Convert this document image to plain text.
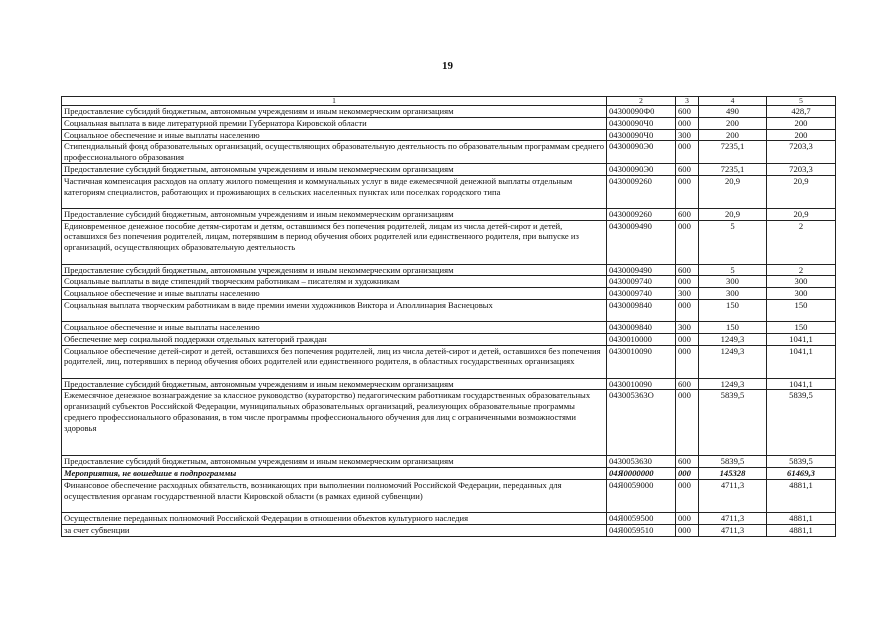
19
1	2	3	4	5
Предоставление субсидий бюджетным, автономным учреждениям и иным некоммерческим организациям	04300090Ф0	600	490	428,7
Социальная выплата в виде литературной премии Губернатора Кировской области	04300090Ч0	000	200	200
Социальное обеспечение и иные выплаты населению	04300090Ч0	300	200	200
Стипендиальный фонд образовательных организаций, осуществляющих образовательную деятельность по образовательным программам среднего профессионального образования	04300090Э0	000	7235,1	7203,3
Предоставление субсидий бюджетным, автономным учреждениям и иным некоммерческим организациям	04300090Э0	600	7235,1	7203,3
Частичная компенсация расходов на оплату жилого помещения и коммунальных услуг в виде ежемесячной денежной выплаты отдельным категориям специалистов, работающих и проживающих в сельских населенных пунктах или поселках городского типа	0430009260	000	20,9	20,9
Предоставление субсидий бюджетным, автономным учреждениям и иным некоммерческим организациям	0430009260	600	20,9	20,9
Единовременное денежное пособие детям-сиротам и детям, оставшимся без попечения родителей, лицам из числа детей-сирот и детей, оставшихся без попечения родителей, лицам, потерявшим в период обучения обоих родителей или единственного родителя, при выпуске из организаций, осуществляющих образовательную деятельность	0430009490	000	5	2
Предоставление субсидий бюджетным, автономным учреждениям и иным некоммерческим организациям	0430009490	600	5	2
Социальные выплаты в виде стипендий творческим работникам – писателям и художникам	0430009740	000	300	300
Социальное обеспечение и иные выплаты населению	0430009740	300	300	300
Социальная выплата творческим работникам в виде премии имени художников Виктора и Аполлинария Васнецовых	0430009840	000	150	150
Социальное обеспечение и иные выплаты населению	0430009840	300	150	150
Обеспечение мер социальной поддержки отдельных категорий граждан	0430010000	000	1249,3	1041,1
Социальное обеспечение детей-сирот и детей, оставшихся без попечения родителей, лиц из числа детей-сирот и детей, оставшихся без попечения родителей, лиц, потерявших в период обучения обоих родителей или единственного родителя, в областных государственных организациях	0430010090	000	1249,3	1041,1
Предоставление субсидий бюджетным, автономным учреждениям и иным некоммерческим организациям	0430010090	600	1249,3	1041,1
Ежемесячное денежное вознаграждение за классное руководство (кураторство) педагогическим работникам государственных образовательных организаций субъектов Российской Федерации, муниципальных образовательных организаций, реализующих образовательные программы среднего профессионального образования, в том числе программы профессионального обучения для лиц с ограниченными возможностями здоровья	043005363О	000	5839,5	5839,5
Предоставление субсидий бюджетным, автономным учреждениям и иным некоммерческим организациям	0430053630	600	5839,5	5839,5
Мероприятия, не вошедшие в подпрограммы	04Я0000000	000	145328	61469,3
Финансовое обеспечение расходных обязательств, возникающих при выполнении полномочий Российской Федерации, переданных для осуществления органам государственной власти Кировской области (в рамках единой субвенции)	04Я0059000	000	4711,3	4881,1
Осуществление переданных полномочий Российской Федерации в отношении объектов культурного наследия	04Я0059500	000	4711,3	4881,1
за счет субвенции	04Я0059510	000	4711,3	4881,1
